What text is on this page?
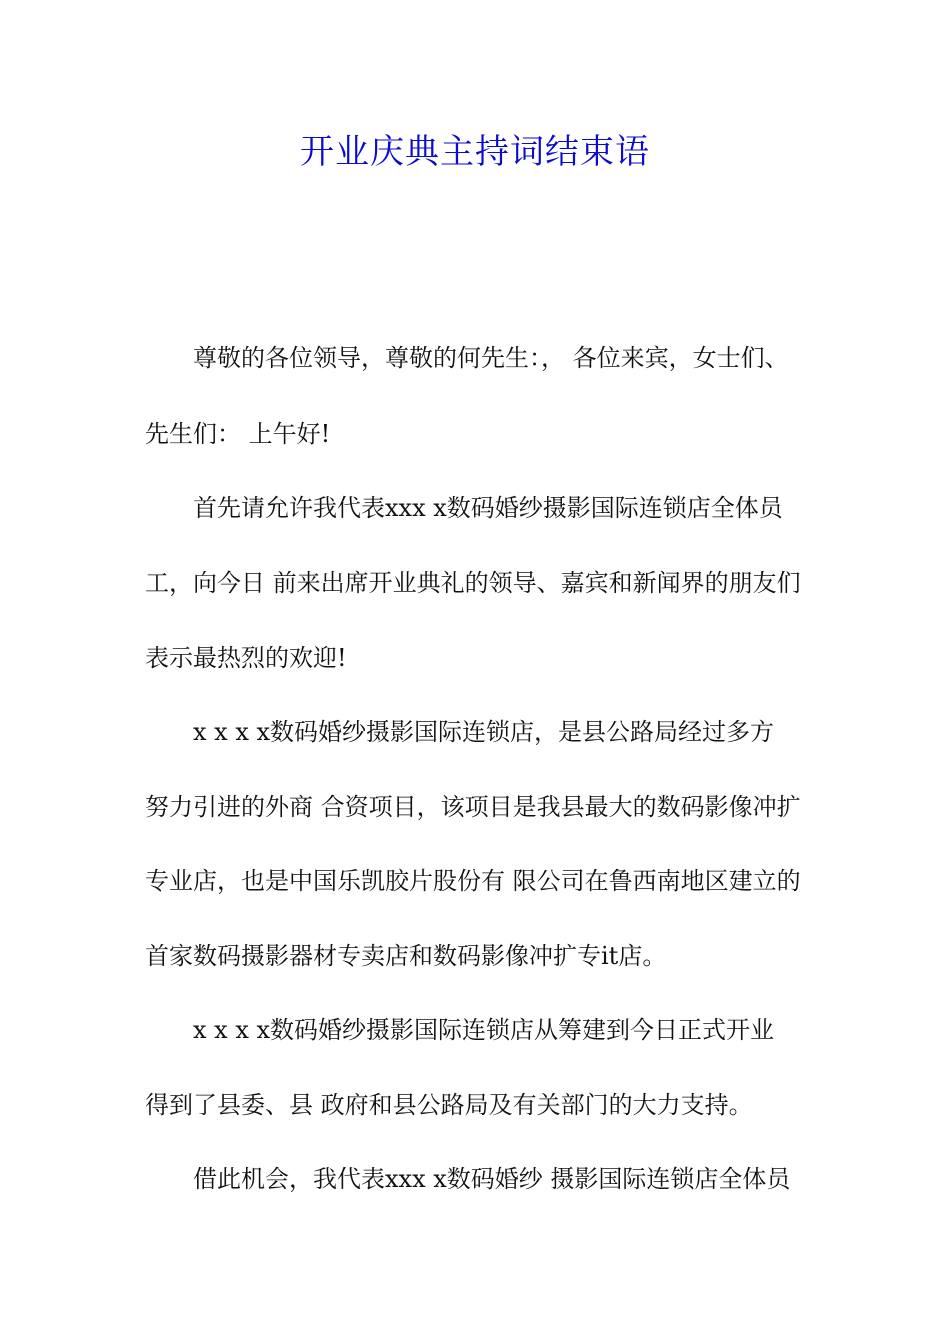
开业庆典主持词结束语
尊敬的各位领导，尊敬的何先生：， 各位来宾，女士们、
先生们： 上午好!
首先请允许我代表xxx x数码婚纱摄影国际连锁店全体员
工，向今日 前来出席开业典礼的领导、嘉宾和新闻界的朋友们
表示最热烈的欢迎!
x x x x数码婚纱摄影国际连锁店，是县公路局经过多方
努力引进的外商 合资项目，该项目是我县最大的数码影像冲扩
专业店，也是中国乐凯胶片股份有 限公司在鲁西南地区建立的
首家数码摄影器材专卖店和数码影像冲扩专it店。
x x x x数码婚纱摄影国际连锁店从筹建到今日正式开业
得到了县委、县 政府和县公路局及有关部门的大力支持。
借此机会，我代表xxx x数码婚纱 摄影国际连锁店全体员
